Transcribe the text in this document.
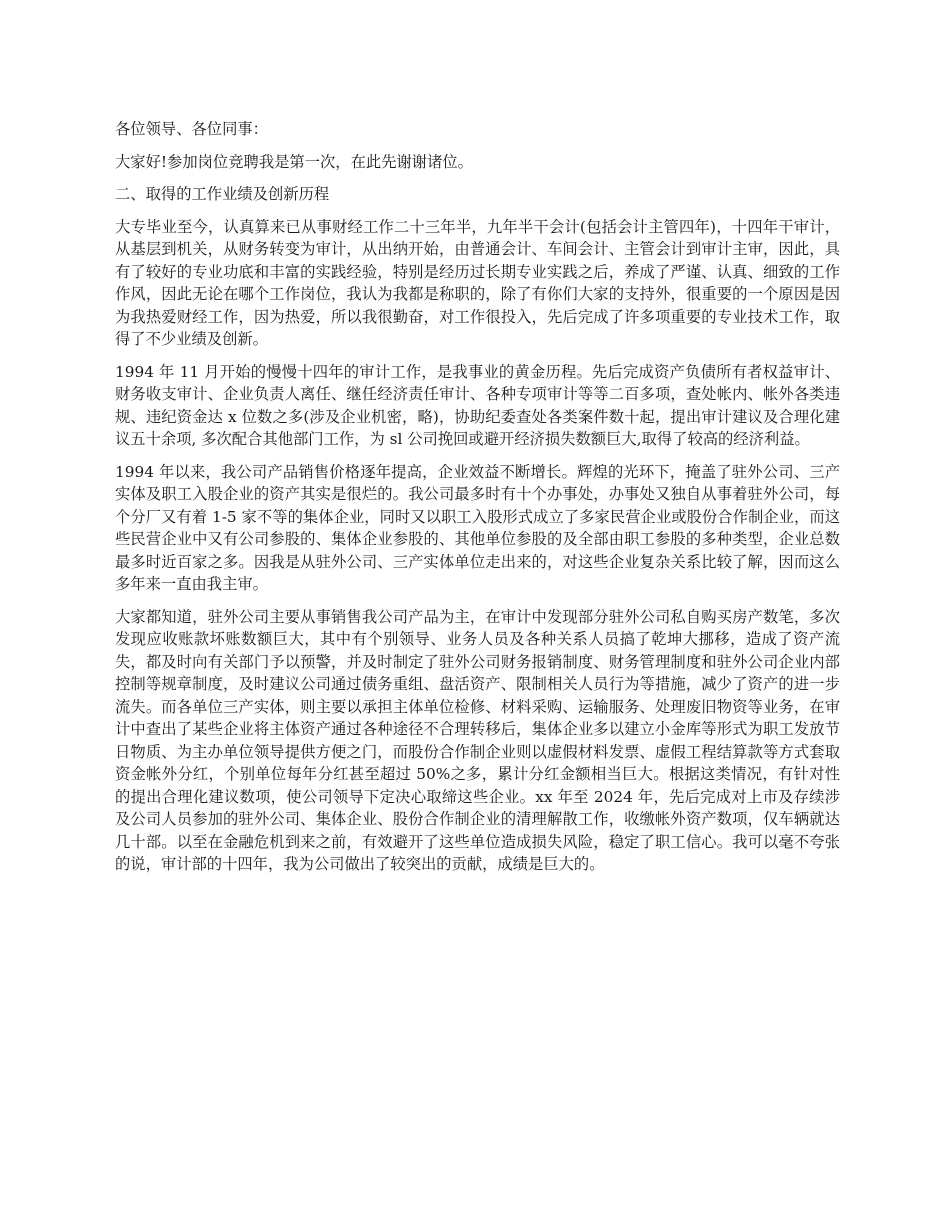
各位领导、各位同事：

大家好!参加岗位竞聘我是第一次，在此先谢谢诸位。

二、取得的工作业绩及创新历程

大专毕业至今，认真算来已从事财经工作二十三年半，九年半干会计(包括会计主管四年)，十四年干审计，从基层到机关，从财务转变为审计，从出纳开始，由普通会计、车间会计、主管会计到审计主审，因此，具有了较好的专业功底和丰富的实践经验，特别是经历过长期专业实践之后，养成了严谨、认真、细致的工作作风，因此无论在哪个工作岗位，我认为我都是称职的，除了有你们大家的支持外，很重要的一个原因是因为我热爱财经工作，因为热爱，所以我很勤奋，对工作很投入，先后完成了许多项重要的专业技术工作，取得了不少业绩及创新。

1994 年 11 月开始的慢慢十四年的审计工作，是我事业的黄金历程。先后完成资产负债所有者权益审计、财务收支审计、企业负责人离任、继任经济责任审计、各种专项审计等等二百多项，查处帐内、帐外各类违规、违纪资金达 x 位数之多(涉及企业机密，略)，协助纪委查处各类案件数十起，提出审计建议及合理化建议五十余项, 多次配合其他部门工作，为 sl 公司挽回或避开经济损失数额巨大,取得了较高的经济利益。

1994 年以来，我公司产品销售价格逐年提高，企业效益不断增长。辉煌的光环下，掩盖了驻外公司、三产实体及职工入股企业的资产其实是很烂的。我公司最多时有十个办事处，办事处又独自从事着驻外公司，每个分厂又有着 1-5 家不等的集体企业，同时又以职工入股形式成立了多家民营企业或股份合作制企业，而这些民营企业中又有公司参股的、集体企业参股的、其他单位参股的及全部由职工参股的多种类型，企业总数最多时近百家之多。因我是从驻外公司、三产实体单位走出来的，对这些企业复杂关系比较了解，因而这么多年来一直由我主审。

大家都知道，驻外公司主要从事销售我公司产品为主，在审计中发现部分驻外公司私自购买房产数笔，多次发现应收账款坏账数额巨大，其中有个别领导、业务人员及各种关系人员搞了乾坤大挪移，造成了资产流失，都及时向有关部门予以预警，并及时制定了驻外公司财务报销制度、财务管理制度和驻外公司企业内部控制等规章制度，及时建议公司通过债务重组、盘活资产、限制相关人员行为等措施，减少了资产的进一步流失。而各单位三产实体，则主要以承担主体单位检修、材料采购、运输服务、处理废旧物资等业务，在审计中查出了某些企业将主体资产通过各种途径不合理转移后，集体企业多以建立小金库等形式为职工发放节日物质、为主办单位领导提供方便之门，而股份合作制企业则以虚假材料发票、虚假工程结算款等方式套取资金帐外分红，个别单位每年分红甚至超过 50%之多，累计分红金额相当巨大。根据这类情况，有针对性的提出合理化建议数项，使公司领导下定决心取缔这些企业。xx 年至 2024 年，先后完成对上市及存续涉及公司人员参加的驻外公司、集体企业、股份合作制企业的清理解散工作，收缴帐外资产数项，仅车辆就达几十部。以至在金融危机到来之前，有效避开了这些单位造成损失风险，稳定了职工信心。我可以毫不夸张的说，审计部的十四年，我为公司做出了较突出的贡献，成绩是巨大的。
